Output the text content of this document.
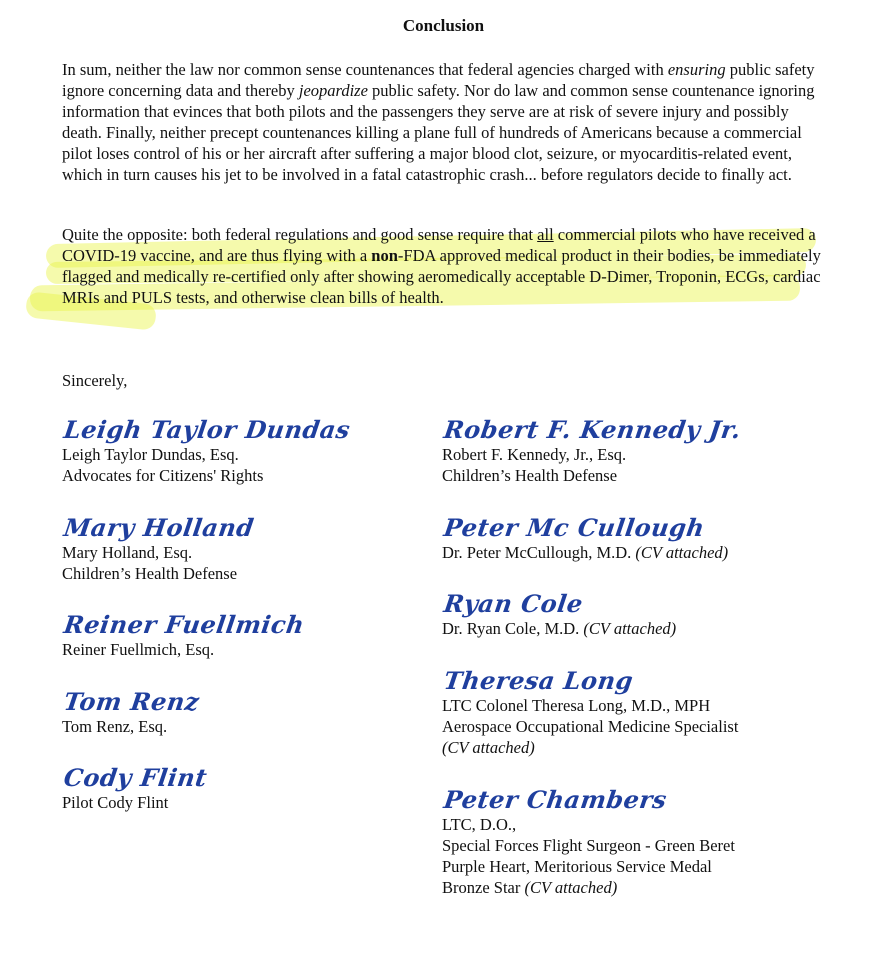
Conclusion

In sum, neither the law nor common sense countenances that federal agencies charged with ensuring public safety ignore concerning data and thereby jeopardize public safety. Nor do law and common sense countenance ignoring information that evinces that both pilots and the passengers they serve are at risk of severe injury and possibly death. Finally, neither precept countenances killing a plane full of hundreds of Americans because a commercial pilot loses control of his or her aircraft after suffering a major blood clot, seizure, or myocarditis-related event, which in turn causes his jet to be involved in a fatal catastrophic crash... before regulators decide to finally act.

Quite the opposite: both federal regulations and good sense require that all commercial pilots who have received a COVID-19 vaccine, and are thus flying with a non-FDA approved medical product in their bodies, be immediately flagged and medically re-certified only after showing aeromedically acceptable D-Dimer, Troponin, ECGs, cardiac MRIs and PULS tests, and otherwise clean bills of health.

Sincerely,
Leigh Taylor Dundas
Leigh Taylor Dundas, Esq.
Advocates for Citizens' Rights
Mary Holland
Mary Holland, Esq.
Children’s Health Defense
Reiner Fuellmich
Reiner Fuellmich, Esq.
Tom Renz
Tom Renz, Esq.
Cody Flint
Pilot Cody Flint
Robert F. Kennedy Jr.
Robert F. Kennedy, Jr., Esq.
Children’s Health Defense
Peter Mc Cullough
Dr. Peter McCullough, M.D. (CV attached)
Ryan Cole
Dr. Ryan Cole, M.D. (CV attached)
Theresa Long
LTC Colonel Theresa Long, M.D., MPH
Aerospace Occupational Medicine Specialist
(CV attached)
Peter Chambers
LTC, D.O.,
Special Forces Flight Surgeon - Green Beret
Purple Heart, Meritorious Service Medal
Bronze Star (CV attached)
